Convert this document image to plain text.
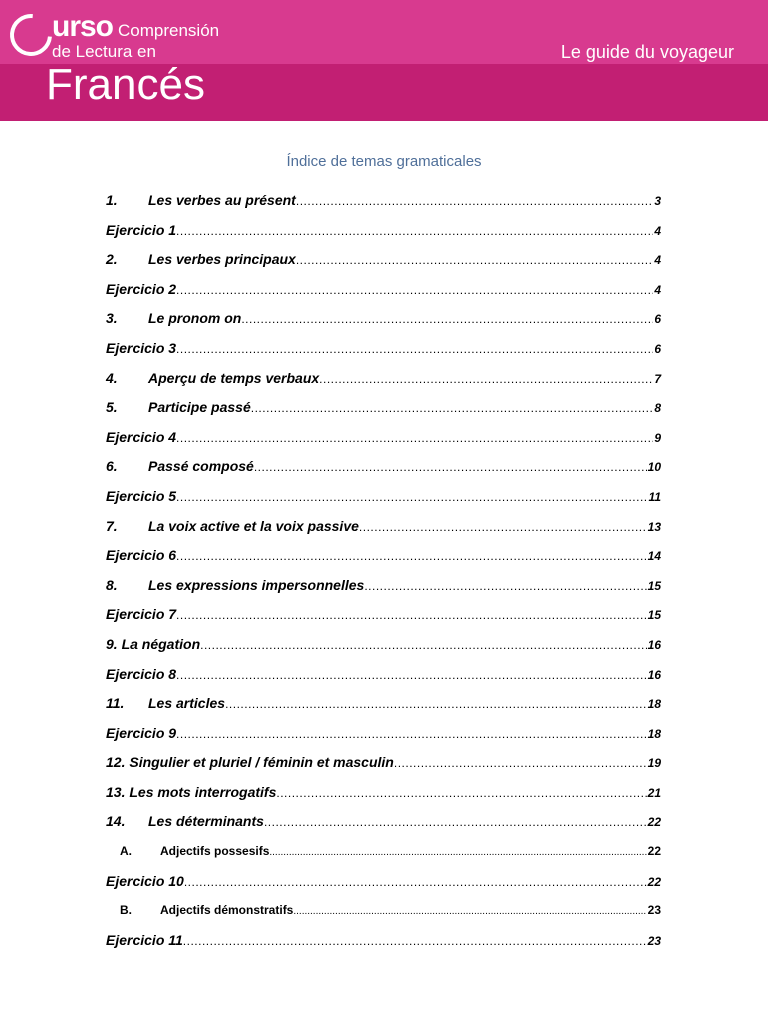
urso Comprensión
de Lectura en
Francés
Le guide du voyageur
Índice de temas gramaticales
1.	Les verbes au présent .....	3
Ejercicio 1 .....	4
2.	Les verbes principaux .....	4
Ejercicio 2 .....	4
3.	Le pronom on .....	6
Ejercicio 3 .....	6
4.	Aperçu de temps verbaux .....	7
5.	Participe passé .....	8
Ejercicio 4 .....	9
6.	Passé composé .....	10
Ejercicio 5 .....	11
7.	La voix active et la voix passive .....	13
Ejercicio 6 .....	14
8.	Les expressions impersonnelles .....	15
Ejercicio 7 .....	15
9. La négation .....	16
Ejercicio 8 .....	16
11.	Les articles .....	18
Ejercicio 9 .....	18
12. Singulier et pluriel / féminin et masculin .....	19
13. Les mots interrogatifs .....	21
14.	Les déterminants .....	22
A.	Adjectifs possesifs .....	22
Ejercicio 10 .....	22
B.	Adjectifs démonstratifs .....	23
Ejercicio 11 .....	23
